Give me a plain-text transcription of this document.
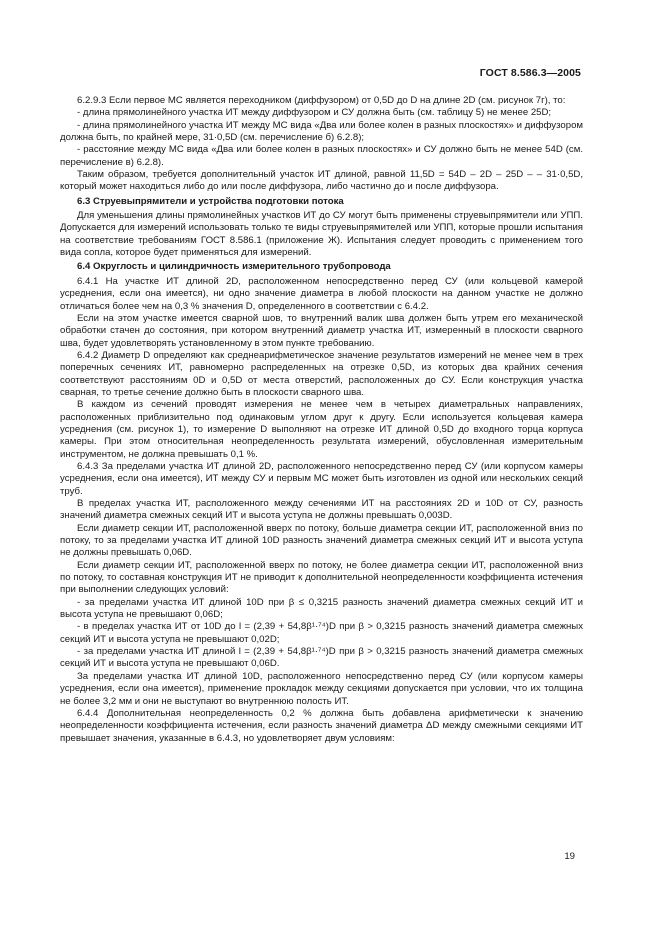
ГОСТ 8.586.3—2005

6.2.9.3 Если первое МС является переходником (диффузором) от 0,5D до D на длине 2D (см. рисунок 7г), то:

- длина прямолинейного участка ИТ между диффузором и СУ должна быть (см. таблицу 5) не менее 25D;

- длина прямолинейного участка ИТ между МС вида «Два или более колен в разных плоскостях» и диффузором должна быть, по крайней мере, 31·0,5D (см. перечисление б) 6.2.8);

- расстояние между МС вида «Два или более колен в разных плоскостях» и СУ должно быть не менее 54D (см. перечисление в) 6.2.8).

Таким образом, требуется дополнительный участок ИТ длиной, равной 11,5D = 54D – 2D – 25D – – 31·0,5D, который может находиться либо до или после диффузора, либо частично до и после диффузора.

6.3 Струевыпрямители и устройства подготовки потока

Для уменьшения длины прямолинейных участков ИТ до СУ могут быть применены струевыпрямители или УПП. Допускается для измерений использовать только те виды струевыпрямителей или УПП, которые прошли испытания на соответствие требованиям ГОСТ 8.586.1 (приложение Ж). Испытания следует проводить с применением того вида сопла, которое будет применяться для измерений.

6.4 Округлость и цилиндричность измерительного трубопровода

6.4.1 На участке ИТ длиной 2D, расположенном непосредственно перед СУ (или кольцевой камерой усреднения, если она имеется), ни одно значение диаметра в любой плоскости на данном участке не должно отличаться более чем на 0,3 % значения D, определенного в соответствии с 6.4.2.

Если на этом участке имеется сварной шов, то внутренний валик шва должен быть утрем его механической обработки стачен до состояния, при котором внутренний диаметр участка ИТ, измеренный в плоскости сварного шва, будет удовлетворять установленному в этом пункте требованию.

6.4.2 Диаметр D определяют как среднеарифметическое значение результатов измерений не менее чем в трех поперечных сечениях ИТ, равномерно распределенных на отрезке 0,5D, из которых два крайних сечения соответствуют расстояниям 0D и 0,5D от места отверстий, расположенных до СУ. Если конструкция участка сварная, то третье сечение должно быть в плоскости сварного шва.

В каждом из сечений проводят измерения не менее чем в четырех диаметральных направлениях, расположенных приблизительно под одинаковым углом друг к другу. Если используется кольцевая камера усреднения (см. рисунок 1), то измерение D выполняют на отрезке ИТ длиной 0,5D до входного торца корпуса камеры. При этом относительная неопределенность результата измерений, обусловленная измерительным инструментом, не должна превышать 0,1 %.

6.4.3 За пределами участка ИТ длиной 2D, расположенного непосредственно перед СУ (или корпусом камеры усреднения, если она имеется), ИТ между СУ и первым МС может быть изготовлен из одной или нескольких секций труб.

В пределах участка ИТ, расположенного между сечениями ИТ на расстояниях 2D и 10D от СУ, разность значений диаметра смежных секций ИТ и высота уступа не должны превышать 0,003D.

Если диаметр секции ИТ, расположенной вверх по потоку, больше диаметра секции ИТ, расположенной вниз по потоку, то за пределами участка ИТ длиной 10D разность значений диаметра смежных секций ИТ и высота уступа не должны превышать 0,06D.

Если диаметр секции ИТ, расположенной вверх по потоку, не более диаметра секции ИТ, расположенной вниз по потоку, то составная конструкция ИТ не приводит к дополнительной неопределенности коэффициента истечения при выполнении следующих условий:

- за пределами участка ИТ длиной 10D при β ≤ 0,3215 разность значений диаметра смежных секций ИТ и высота уступа не превышают 0,06D;

- в пределах участка ИТ от 10D до l = (2,39 + 54,8β¹·⁷⁴)D при β > 0,3215 разность значений диаметра смежных секций ИТ и высота уступа не превышают 0,02D;

- за пределами участка ИТ длиной l = (2,39 + 54,8β¹·⁷⁴)D при β > 0,3215 разность значений диаметра смежных секций ИТ и высота уступа не превышают 0,06D.

За пределами участка ИТ длиной 10D, расположенного непосредственно перед СУ (или корпусом камеры усреднения, если она имеется), применение прокладок между секциями допускается при условии, что их толщина не более 3,2 мм и они не выступают во внутреннюю полость ИТ.

6.4.4 Дополнительная неопределенность 0,2 % должна быть добавлена арифметически к значению неопределенности коэффициента истечения, если разность значений диаметра ΔD между смежными секциями ИТ превышает значения, указанные в 6.4.3, но удовлетворяет двум условиям:

19
